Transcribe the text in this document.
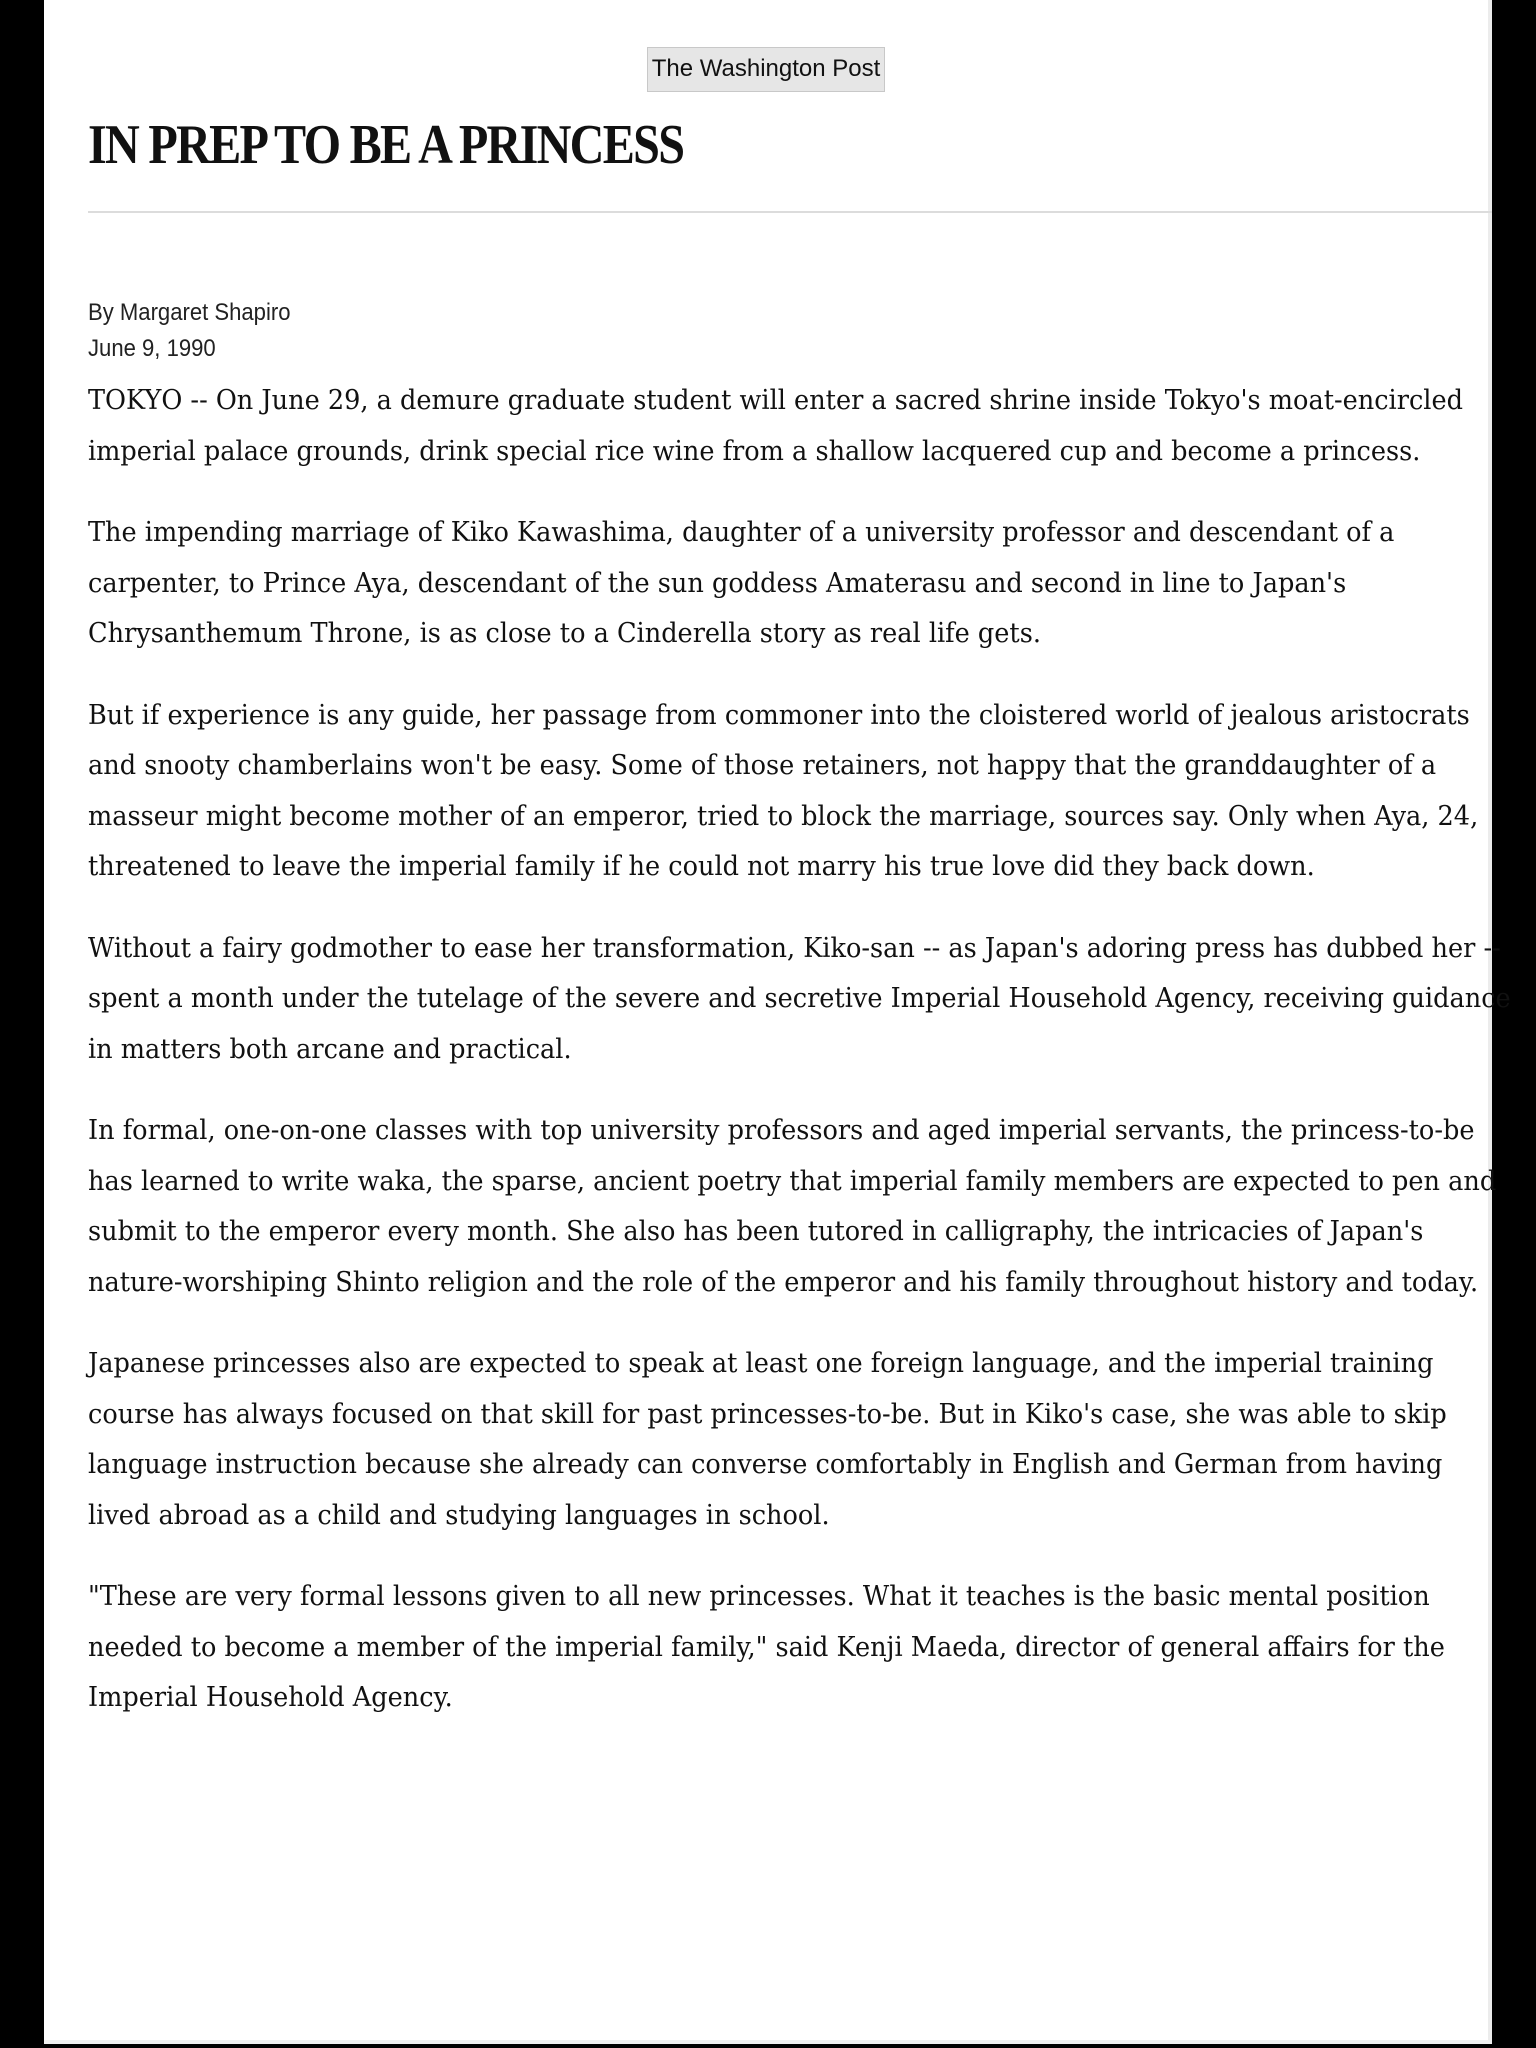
The Washington Post
IN PREP TO BE A PRINCESS
By Margaret Shapiro
June 9, 1990

TOKYO -- On June 29, a demure graduate student will enter a sacred shrine inside Tokyo's moat-encircled imperial palace grounds, drink special rice wine from a shallow lacquered cup and become a princess.

The impending marriage of Kiko Kawashima, daughter of a university professor and descendant of a carpenter, to Prince Aya, descendant of the sun goddess Amaterasu and second in line to Japan's Chrysanthemum Throne, is as close to a Cinderella story as real life gets.

But if experience is any guide, her passage from commoner into the cloistered world of jealous aristocrats and snooty chamberlains won't be easy. Some of those retainers, not happy that the granddaughter of a masseur might become mother of an emperor, tried to block the marriage, sources say. Only when Aya, 24, threatened to leave the imperial family if he could not marry his true love did they back down.

Without a fairy godmother to ease her transformation, Kiko-san -- as Japan's adoring press has dubbed her -- spent a month under the tutelage of the severe and secretive Imperial Household Agency, receiving guidance in matters both arcane and practical.

In formal, one-on-one classes with top university professors and aged imperial servants, the princess-to-be has learned to write waka, the sparse, ancient poetry that imperial family members are expected to pen and submit to the emperor every month. She also has been tutored in calligraphy, the intricacies of Japan's nature-worshiping Shinto religion and the role of the emperor and his family throughout history and today.

Japanese princesses also are expected to speak at least one foreign language, and the imperial training course has always focused on that skill for past princesses-to-be. But in Kiko's case, she was able to skip language instruction because she already can converse comfortably in English and German from having lived abroad as a child and studying languages in school.

"These are very formal lessons given to all new princesses. What it teaches is the basic mental position needed to become a member of the imperial family," said Kenji Maeda, director of general affairs for the Imperial Household Agency.
